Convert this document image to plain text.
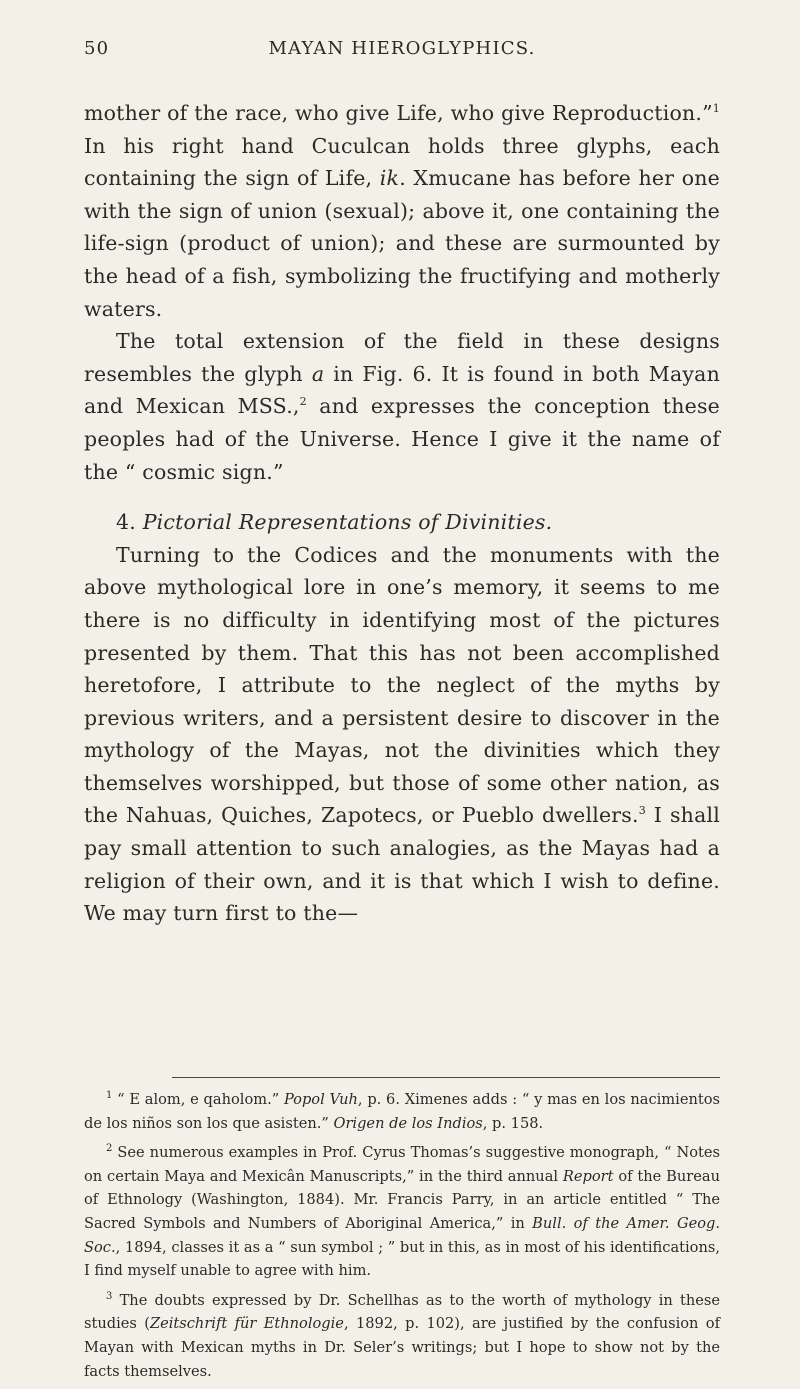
50	MAYAN HIEROGLYPHICS.

mother of the race, who give Life, who give Reproduction.”$^1$ In his right hand Cuculcan holds three glyphs, each containing the sign of Life, ik. Xmucane has before her one with the sign of union (sexual); above it, one containing the life-sign (product of union); and these are surmounted by the head of a fish, symbolizing the fructifying and motherly waters.

The total extension of the field in these designs resembles the glyph a in Fig. 6. It is found in both Mayan and Mexican MSS.,$^2$ and expresses the conception these peoples had of the Universe. Hence I give it the name of the “ cosmic sign.”

4. Pictorial Representations of Divinities.

Turning to the Codices and the monuments with the above mythological lore in one’s memory, it seems to me there is no difficulty in identifying most of the pictures presented by them. That this has not been accomplished heretofore, I attribute to the neglect of the myths by previous writers, and a persistent desire to discover in the mythology of the Mayas, not the divinities which they themselves worshipped, but those of some other nation, as the Nahuas, Quiches, Zapotecs, or Pueblo dwellers.$^3$ I shall pay small attention to such analogies, as the Mayas had a religion of their own, and it is that which I wish to define. We may turn first to the—

$^1$ “ E alom, e qaholom.” Popol Vuh, p. 6. Ximenes adds : “ y mas en los nacimientos de los niños son los que asisten.” Origen de los Indios, p. 158.

$^2$ See numerous examples in Prof. Cyrus Thomas’s suggestive monograph, “ Notes on certain Maya and Mexicân Manuscripts,” in the third annual Report of the Bureau of Ethnology (Washington, 1884). Mr. Francis Parry, in an article entitled “ The Sacred Symbols and Numbers of Aboriginal America,” in Bull. of the Amer. Geog. Soc., 1894, classes it as a “ sun symbol ; ” but in this, as in most of his identifications, I find myself unable to agree with him.

$^3$ The doubts expressed by Dr. Schellhas as to the worth of mythology in these studies (Zeitschrift für Ethnologie, 1892, p. 102), are justified by the confusion of Mayan with Mexican myths in Dr. Seler’s writings; but I hope to show not by the facts themselves.
